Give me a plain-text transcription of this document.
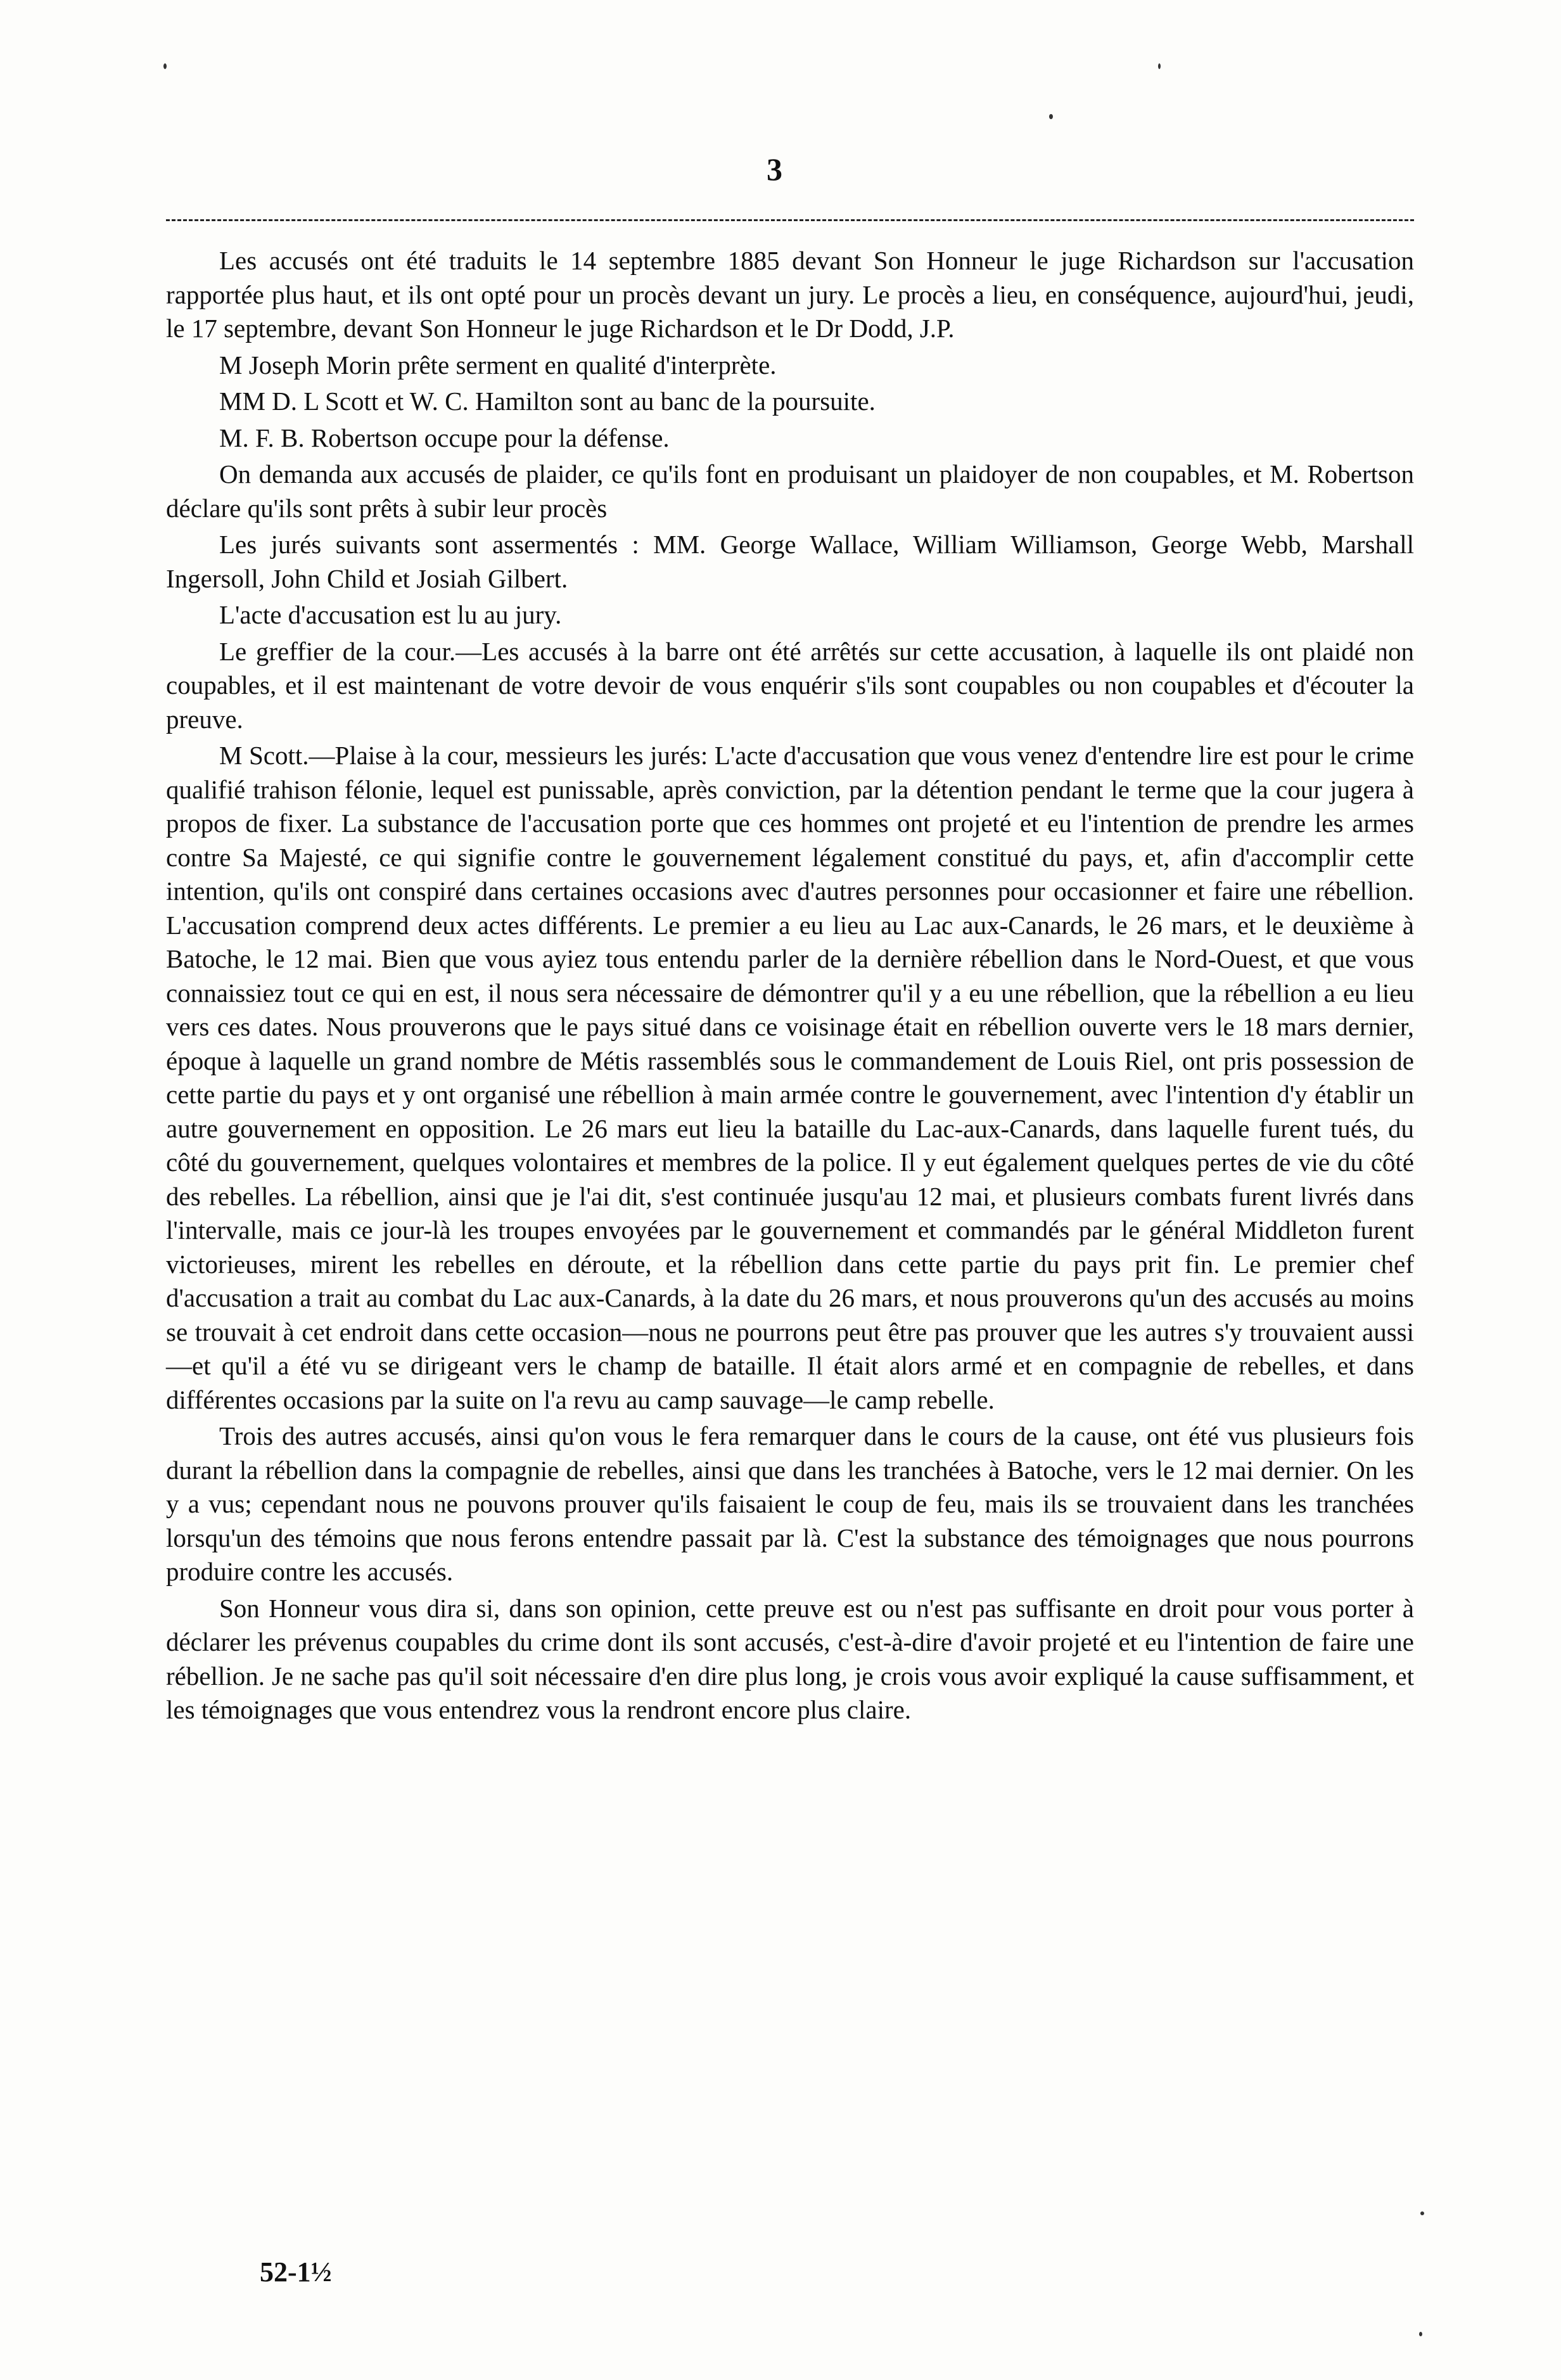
3

Les accusés ont été traduits le 14 septembre 1885 devant Son Honneur le juge Richardson sur l'accusation rapportée plus haut, et ils ont opté pour un procès devant un jury. Le procès a lieu, en conséquence, aujourd'hui, jeudi, le 17 septembre, devant Son Honneur le juge Richardson et le Dr Dodd, J.P.

M Joseph Morin prête serment en qualité d'interprète.

MM D. L Scott et W. C. Hamilton sont au banc de la poursuite.

M. F. B. Robertson occupe pour la défense.

On demanda aux accusés de plaider, ce qu'ils font en produisant un plaidoyer de non coupables, et M. Robertson déclare qu'ils sont prêts à subir leur procès

Les jurés suivants sont assermentés : MM. George Wallace, William Williamson, George Webb, Marshall Ingersoll, John Child et Josiah Gilbert.

L'acte d'accusation est lu au jury.

Le greffier de la cour.—Les accusés à la barre ont été arrêtés sur cette accusation, à laquelle ils ont plaidé non coupables, et il est maintenant de votre devoir de vous enquérir s'ils sont coupables ou non coupables et d'écouter la preuve.

M Scott.—Plaise à la cour, messieurs les jurés: L'acte d'accusation que vous venez d'entendre lire est pour le crime qualifié trahison félonie, lequel est punissable, après conviction, par la détention pendant le terme que la cour jugera à propos de fixer. La substance de l'accusation porte que ces hommes ont projeté et eu l'intention de prendre les armes contre Sa Majesté, ce qui signifie contre le gouvernement légalement constitué du pays, et, afin d'accomplir cette intention, qu'ils ont conspiré dans certaines occasions avec d'autres personnes pour occasionner et faire une rébellion. L'accusation comprend deux actes différents. Le premier a eu lieu au Lac aux-Canards, le 26 mars, et le deuxième à Batoche, le 12 mai. Bien que vous ayiez tous entendu parler de la dernière rébellion dans le Nord-Ouest, et que vous connaissiez tout ce qui en est, il nous sera nécessaire de démontrer qu'il y a eu une rébellion, que la rébellion a eu lieu vers ces dates. Nous prouverons que le pays situé dans ce voisinage était en rébellion ouverte vers le 18 mars dernier, époque à laquelle un grand nombre de Métis rassemblés sous le commandement de Louis Riel, ont pris possession de cette partie du pays et y ont organisé une rébellion à main armée contre le gouvernement, avec l'intention d'y établir un autre gouvernement en opposition. Le 26 mars eut lieu la bataille du Lac-aux-Canards, dans laquelle furent tués, du côté du gouvernement, quelques volontaires et membres de la police. Il y eut également quelques pertes de vie du côté des rebelles. La rébellion, ainsi que je l'ai dit, s'est continuée jusqu'au 12 mai, et plusieurs combats furent livrés dans l'intervalle, mais ce jour-là les troupes envoyées par le gouvernement et commandés par le général Middleton furent victorieuses, mirent les rebelles en déroute, et la rébellion dans cette partie du pays prit fin. Le premier chef d'accusation a trait au combat du Lac aux-Canards, à la date du 26 mars, et nous prouverons qu'un des accusés au moins se trouvait à cet endroit dans cette occasion—nous ne pourrons peut être pas prouver que les autres s'y trouvaient aussi—et qu'il a été vu se dirigeant vers le champ de bataille. Il était alors armé et en compagnie de rebelles, et dans différentes occasions par la suite on l'a revu au camp sauvage—le camp rebelle.

Trois des autres accusés, ainsi qu'on vous le fera remarquer dans le cours de la cause, ont été vus plusieurs fois durant la rébellion dans la compagnie de rebelles, ainsi que dans les tranchées à Batoche, vers le 12 mai dernier. On les y a vus; cependant nous ne pouvons prouver qu'ils faisaient le coup de feu, mais ils se trouvaient dans les tranchées lorsqu'un des témoins que nous ferons entendre passait par là. C'est la substance des témoignages que nous pourrons produire contre les accusés.

Son Honneur vous dira si, dans son opinion, cette preuve est ou n'est pas suffisante en droit pour vous porter à déclarer les prévenus coupables du crime dont ils sont accusés, c'est-à-dire d'avoir projeté et eu l'intention de faire une rébellion. Je ne sache pas qu'il soit nécessaire d'en dire plus long, je crois vous avoir expliqué la cause suffisamment, et les témoignages que vous entendrez vous la rendront encore plus claire.

52-1½
